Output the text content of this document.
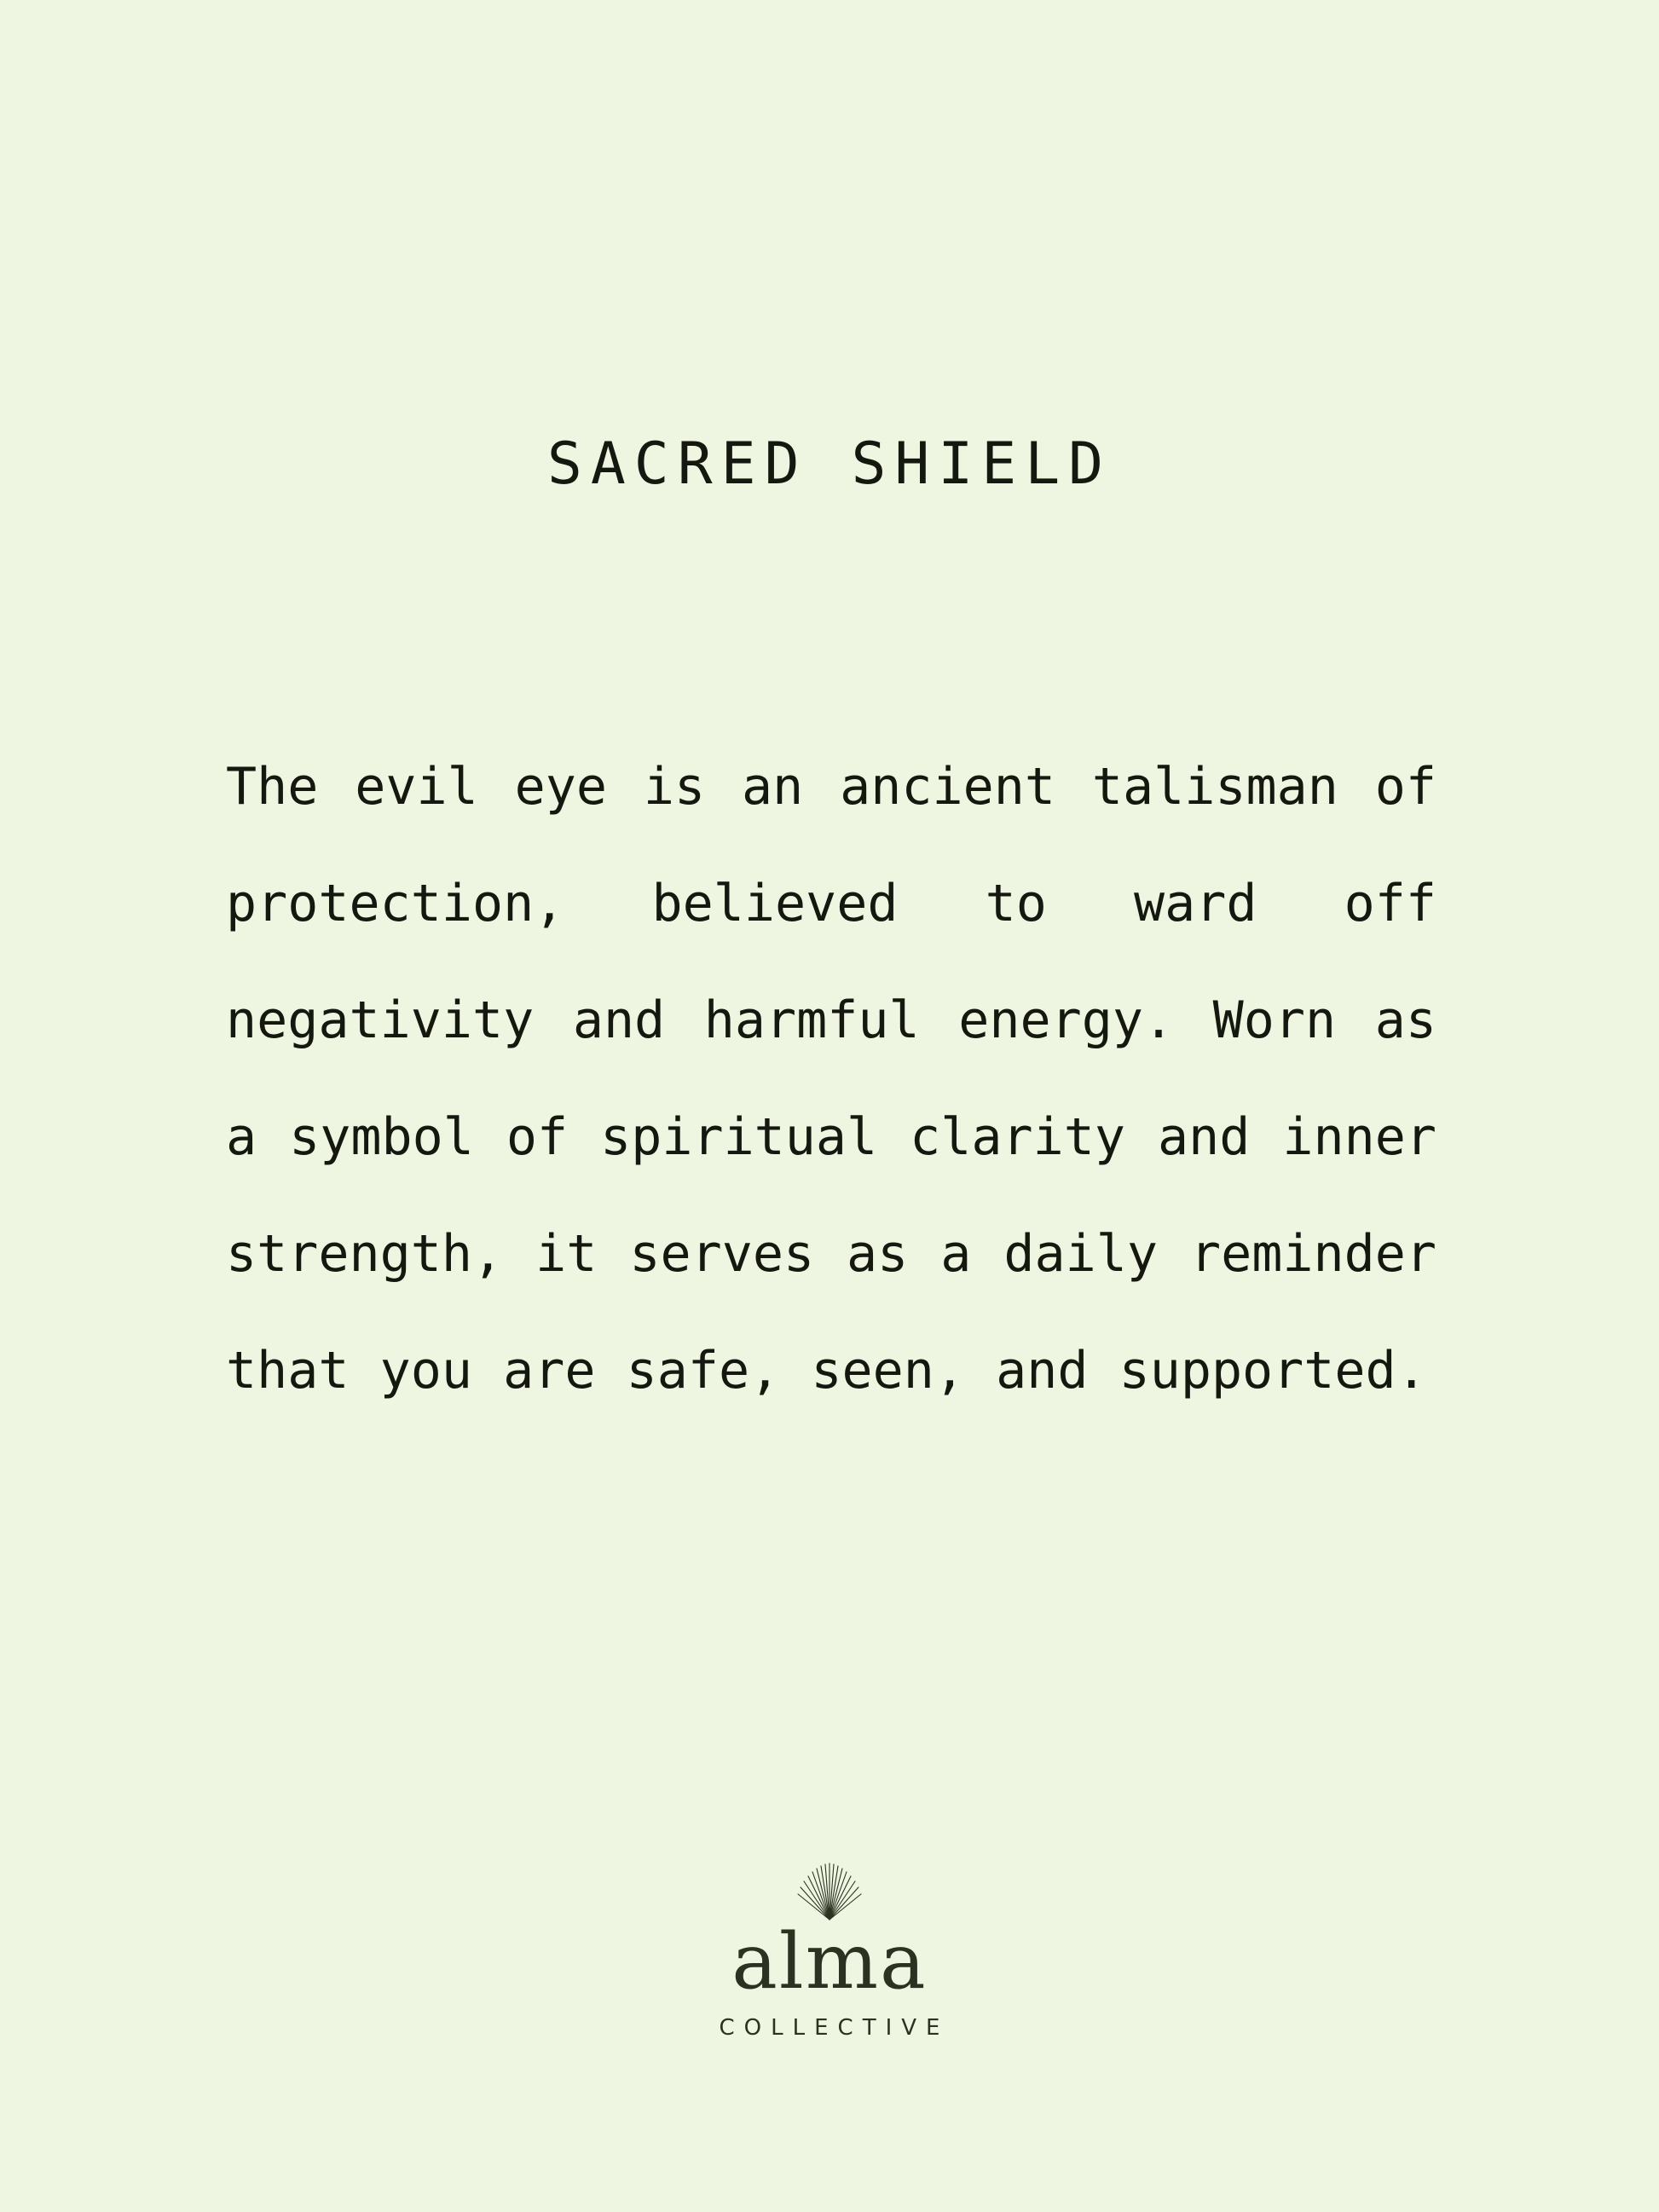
SACRED SHIELD
The evil eye is an ancient talisman of protection, believed to ward off negativity and harmful energy. Worn as a symbol of spiritual clarity and inner strength, it serves as a daily reminder that you are safe, seen, and supported.
alma
COLLECTIVE
